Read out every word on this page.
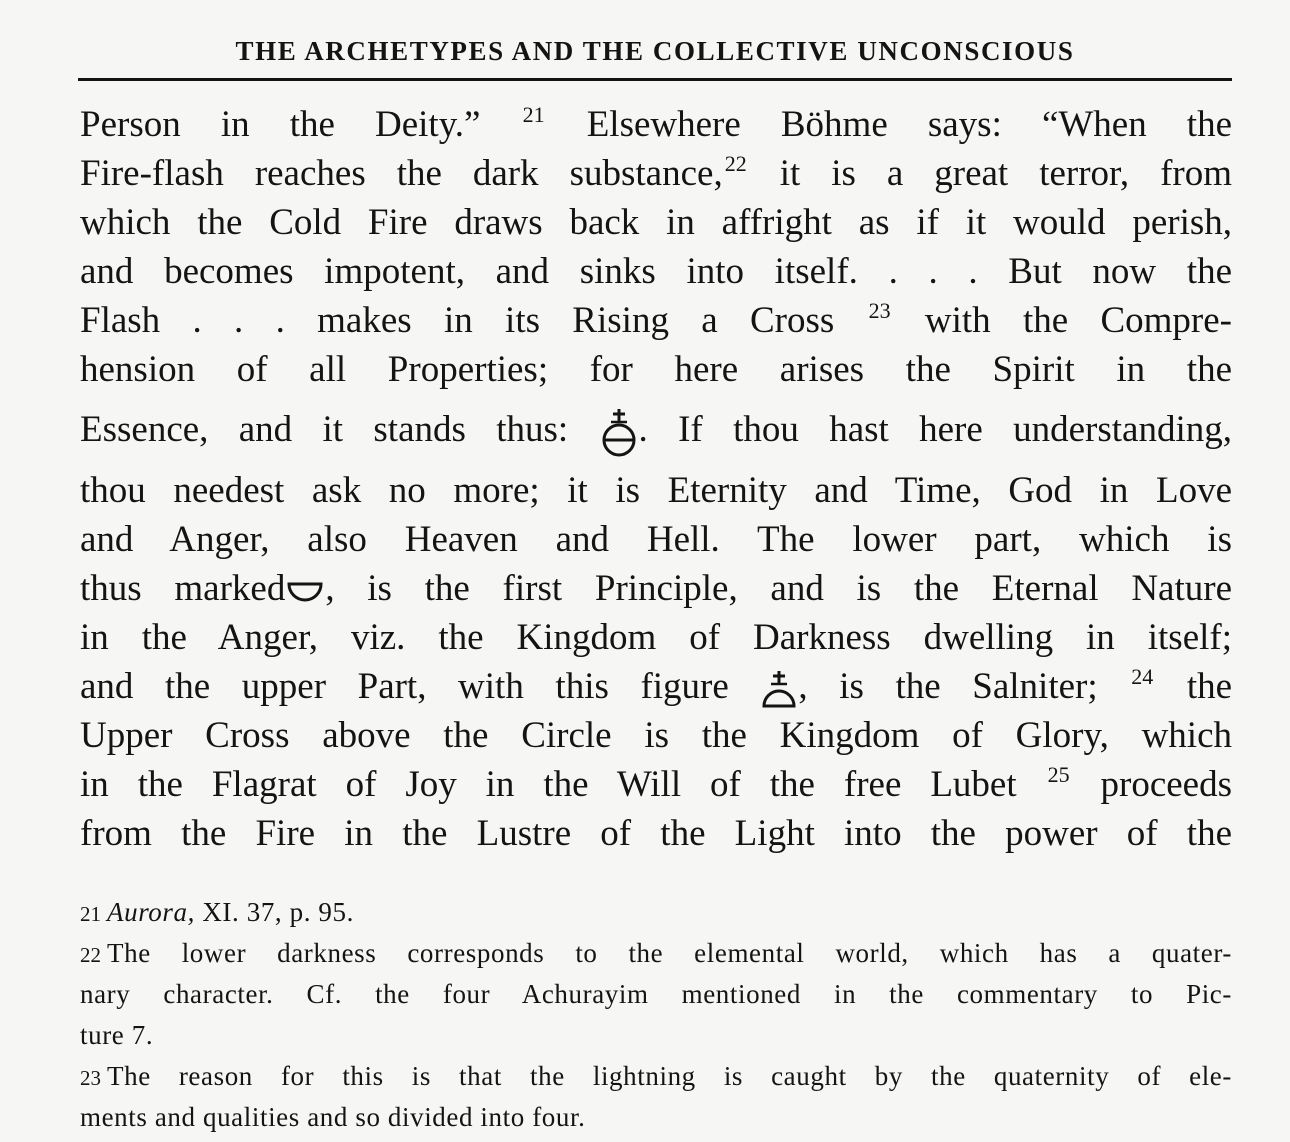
THE ARCHETYPES AND THE COLLECTIVE UNCONSCIOUS
Person in the Deity.” $^{21}$ Elsewhere Böhme says: “When the
Fire-flash reaches the dark substance,$^{22}$ it is a great terror, from
which the Cold Fire draws back in affright as if it would perish,
and becomes impotent, and sinks into itself. . . . But now the
Flash . . . makes in its Rising a Cross $^{23}$ with the Compre-
hension of all Properties; for here arises the Spirit in the
Essence, and it stands thus: . If thou hast here understanding,
thou needest ask no more; it is Eternity and Time, God in Love
and Anger, also Heaven and Hell. The lower part, which is
thus marked , is the first Principle, and is the Eternal Nature
in the Anger, viz. the Kingdom of Darkness dwelling in itself;
and the upper Part, with this figure , is the Salniter; $^{24}$ the
Upper Cross above the Circle is the Kingdom of Glory, which
in the Flagrat of Joy in the Will of the free Lubet $^{25}$ proceeds
from the Fire in the Lustre of the Light into the power of the
21 Aurora, XI. 37, p. 95.
22 The lower darkness corresponds to the elemental world, which has a quater-
nary character. Cf. the four Achurayim mentioned in the commentary to Pic-
ture 7.
23 The reason for this is that the lightning is caught by the quaternity of ele-
ments and qualities and so divided into four.
